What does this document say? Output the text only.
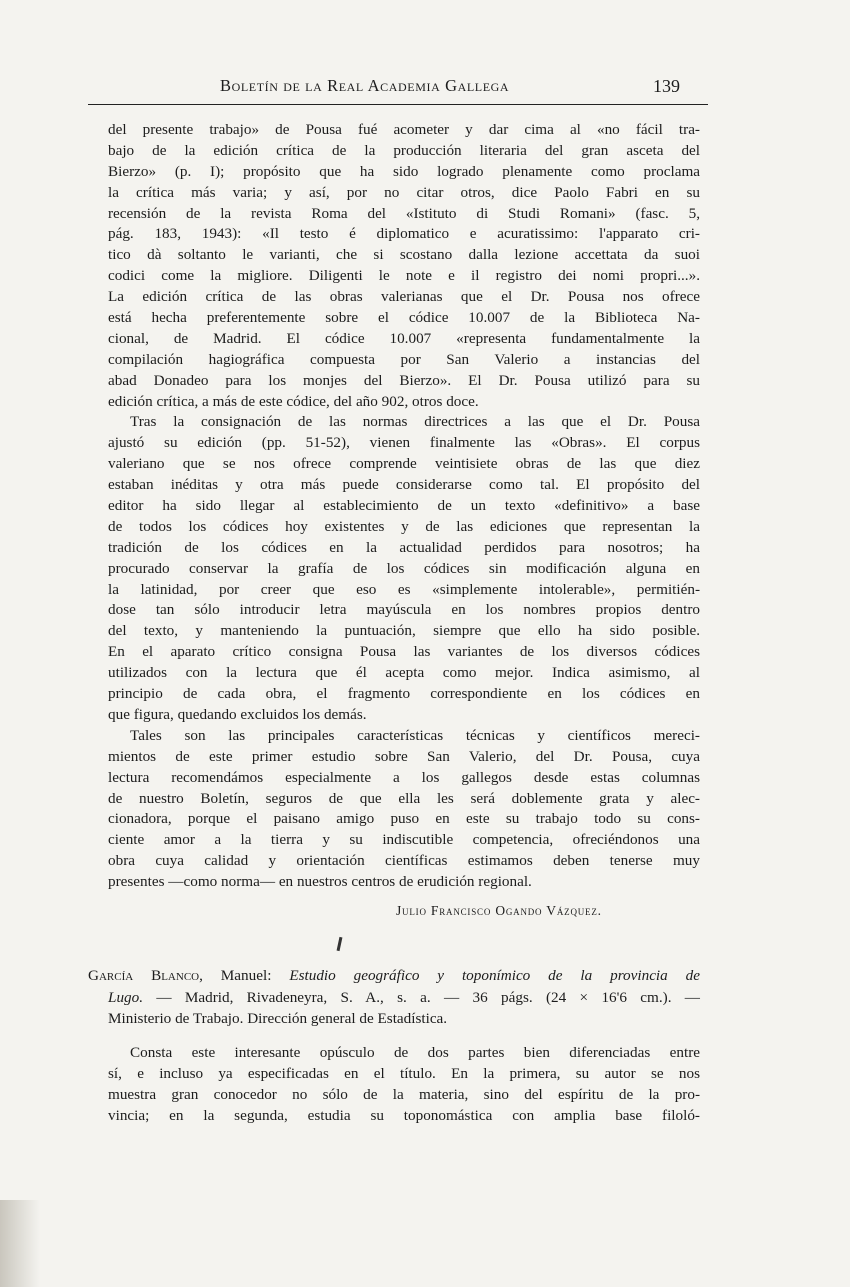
Boletín de la Real Academia Gallega	139
del presente trabajo» de Pousa fué acometer y dar cima al «no fácil tra-
bajo de la edición crítica de la producción literaria del gran asceta del
Bierzo» (p. I); propósito que ha sido logrado plenamente como proclama
la crítica más varia; y así, por no citar otros, dice Paolo Fabri en su
recensión de la revista Roma del «Istituto di Studi Romani» (fasc. 5,
pág. 183, 1943): «Il testo é diplomatico e acuratissimo: l'apparato cri-
tico dà soltanto le varianti, che si scostano dalla lezione accettata da suoi
codici come la migliore. Diligenti le note e il registro dei nomi propri...».
La edición crítica de las obras valerianas que el Dr. Pousa nos ofrece
está hecha preferentemente sobre el códice 10.007 de la Biblioteca Na-
cional, de Madrid. El códice 10.007 «representa fundamentalmente la
compilación hagiográfica compuesta por San Valerio a instancias del
abad Donadeo para los monjes del Bierzo». El Dr. Pousa utilizó para su
edición crítica, a más de este códice, del año 902, otros doce.
Tras la consignación de las normas directrices a las que el Dr. Pousa
ajustó su edición (pp. 51-52), vienen finalmente las «Obras». El corpus
valeriano que se nos ofrece comprende veintisiete obras de las que diez
estaban inéditas y otra más puede considerarse como tal. El propósito del
editor ha sido llegar al establecimiento de un texto «definitivo» a base
de todos los códices hoy existentes y de las ediciones que representan la
tradición de los códices en la actualidad perdidos para nosotros; ha
procurado conservar la grafía de los códices sin modificación alguna en
la latinidad, por creer que eso es «simplemente intolerable», permitién-
dose tan sólo introducir letra mayúscula en los nombres propios dentro
del texto, y manteniendo la puntuación, siempre que ello ha sido posible.
En el aparato crítico consigna Pousa las variantes de los diversos códices
utilizados con la lectura que él acepta como mejor. Indica asimismo, al
principio de cada obra, el fragmento correspondiente en los códices en
que figura, quedando excluidos los demás.
Tales son las principales características técnicas y científicos mereci-
mientos de este primer estudio sobre San Valerio, del Dr. Pousa, cuya
lectura recomendámos especialmente a los gallegos desde estas columnas
de nuestro Boletín, seguros de que ella les será doblemente grata y alec-
cionadora, porque el paisano amigo puso en este su trabajo todo su cons-
ciente amor a la tierra y su indiscutible competencia, ofreciéndonos una
obra cuya calidad y orientación científicas estimamos deben tenerse muy
presentes —como norma— en nuestros centros de erudición regional.
Julio Francisco Ogando Vázquez.
García Blanco, Manuel: Estudio geográfico y toponímico de la provincia de
Lugo. — Madrid, Rivadeneyra, S. A., s. a. — 36 págs. (24 × 16'6 cm.). —
Ministerio de Trabajo. Dirección general de Estadística.
Consta este interesante opúsculo de dos partes bien diferenciadas entre
sí, e incluso ya especificadas en el título. En la primera, su autor se nos
muestra gran conocedor no sólo de la materia, sino del espíritu de la pro-
vincia; en la segunda, estudia su toponomástica con amplia base filoló-
